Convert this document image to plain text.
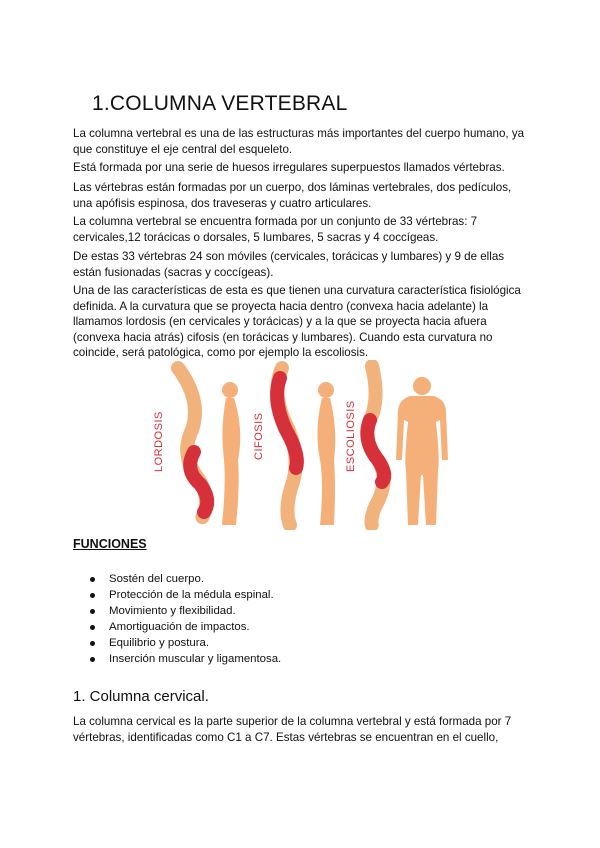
1.COLUMNA VERTEBRAL

La columna vertebral es una de las estructuras más importantes del cuerpo humano, ya que constituye el eje central del esqueleto.

Está formada por una serie de huesos irregulares superpuestos llamados vértebras.

Las vértebras están formadas por un cuerpo, dos láminas vertebrales, dos pedículos, una apófisis espinosa, dos traveseras y cuatro articulares.

La columna vertebral se encuentra formada por un conjunto de 33 vértebras: 7 cervicales,12 torácicas o dorsales, 5 lumbares, 5 sacras y 4 coccígeas.

De estas 33 vértebras 24 son móviles (cervicales, torácicas y lumbares) y 9 de ellas están fusionadas (sacras y coccígeas).

Una de las características de esta es que tienen una curvatura característica fisiológica definida. A la curvatura que se proyecta hacia dentro (convexa hacia adelante) la llamamos lordosis (en cervicales y torácicas) y a la que se proyecta hacia afuera (convexa hacia atrás) cifosis (en torácicas y lumbares). Cuando esta curvatura no coincide, será patológica, como por ejemplo la escoliosis.

LORDOSIS	CIFOSIS	ESCOLIOSIS
FUNCIONES
Sostén del cuerpo.
Protección de la médula espinal.
Movimiento y flexibilidad.
Amortiguación de impactos.
Equilibrio y postura.
Inserción muscular y ligamentosa.
1. Columna cervical.

La columna cervical es la parte superior de la columna vertebral y está formada por 7 vértebras, identificadas como C1 a C7. Estas vértebras se encuentran en el cuello,
